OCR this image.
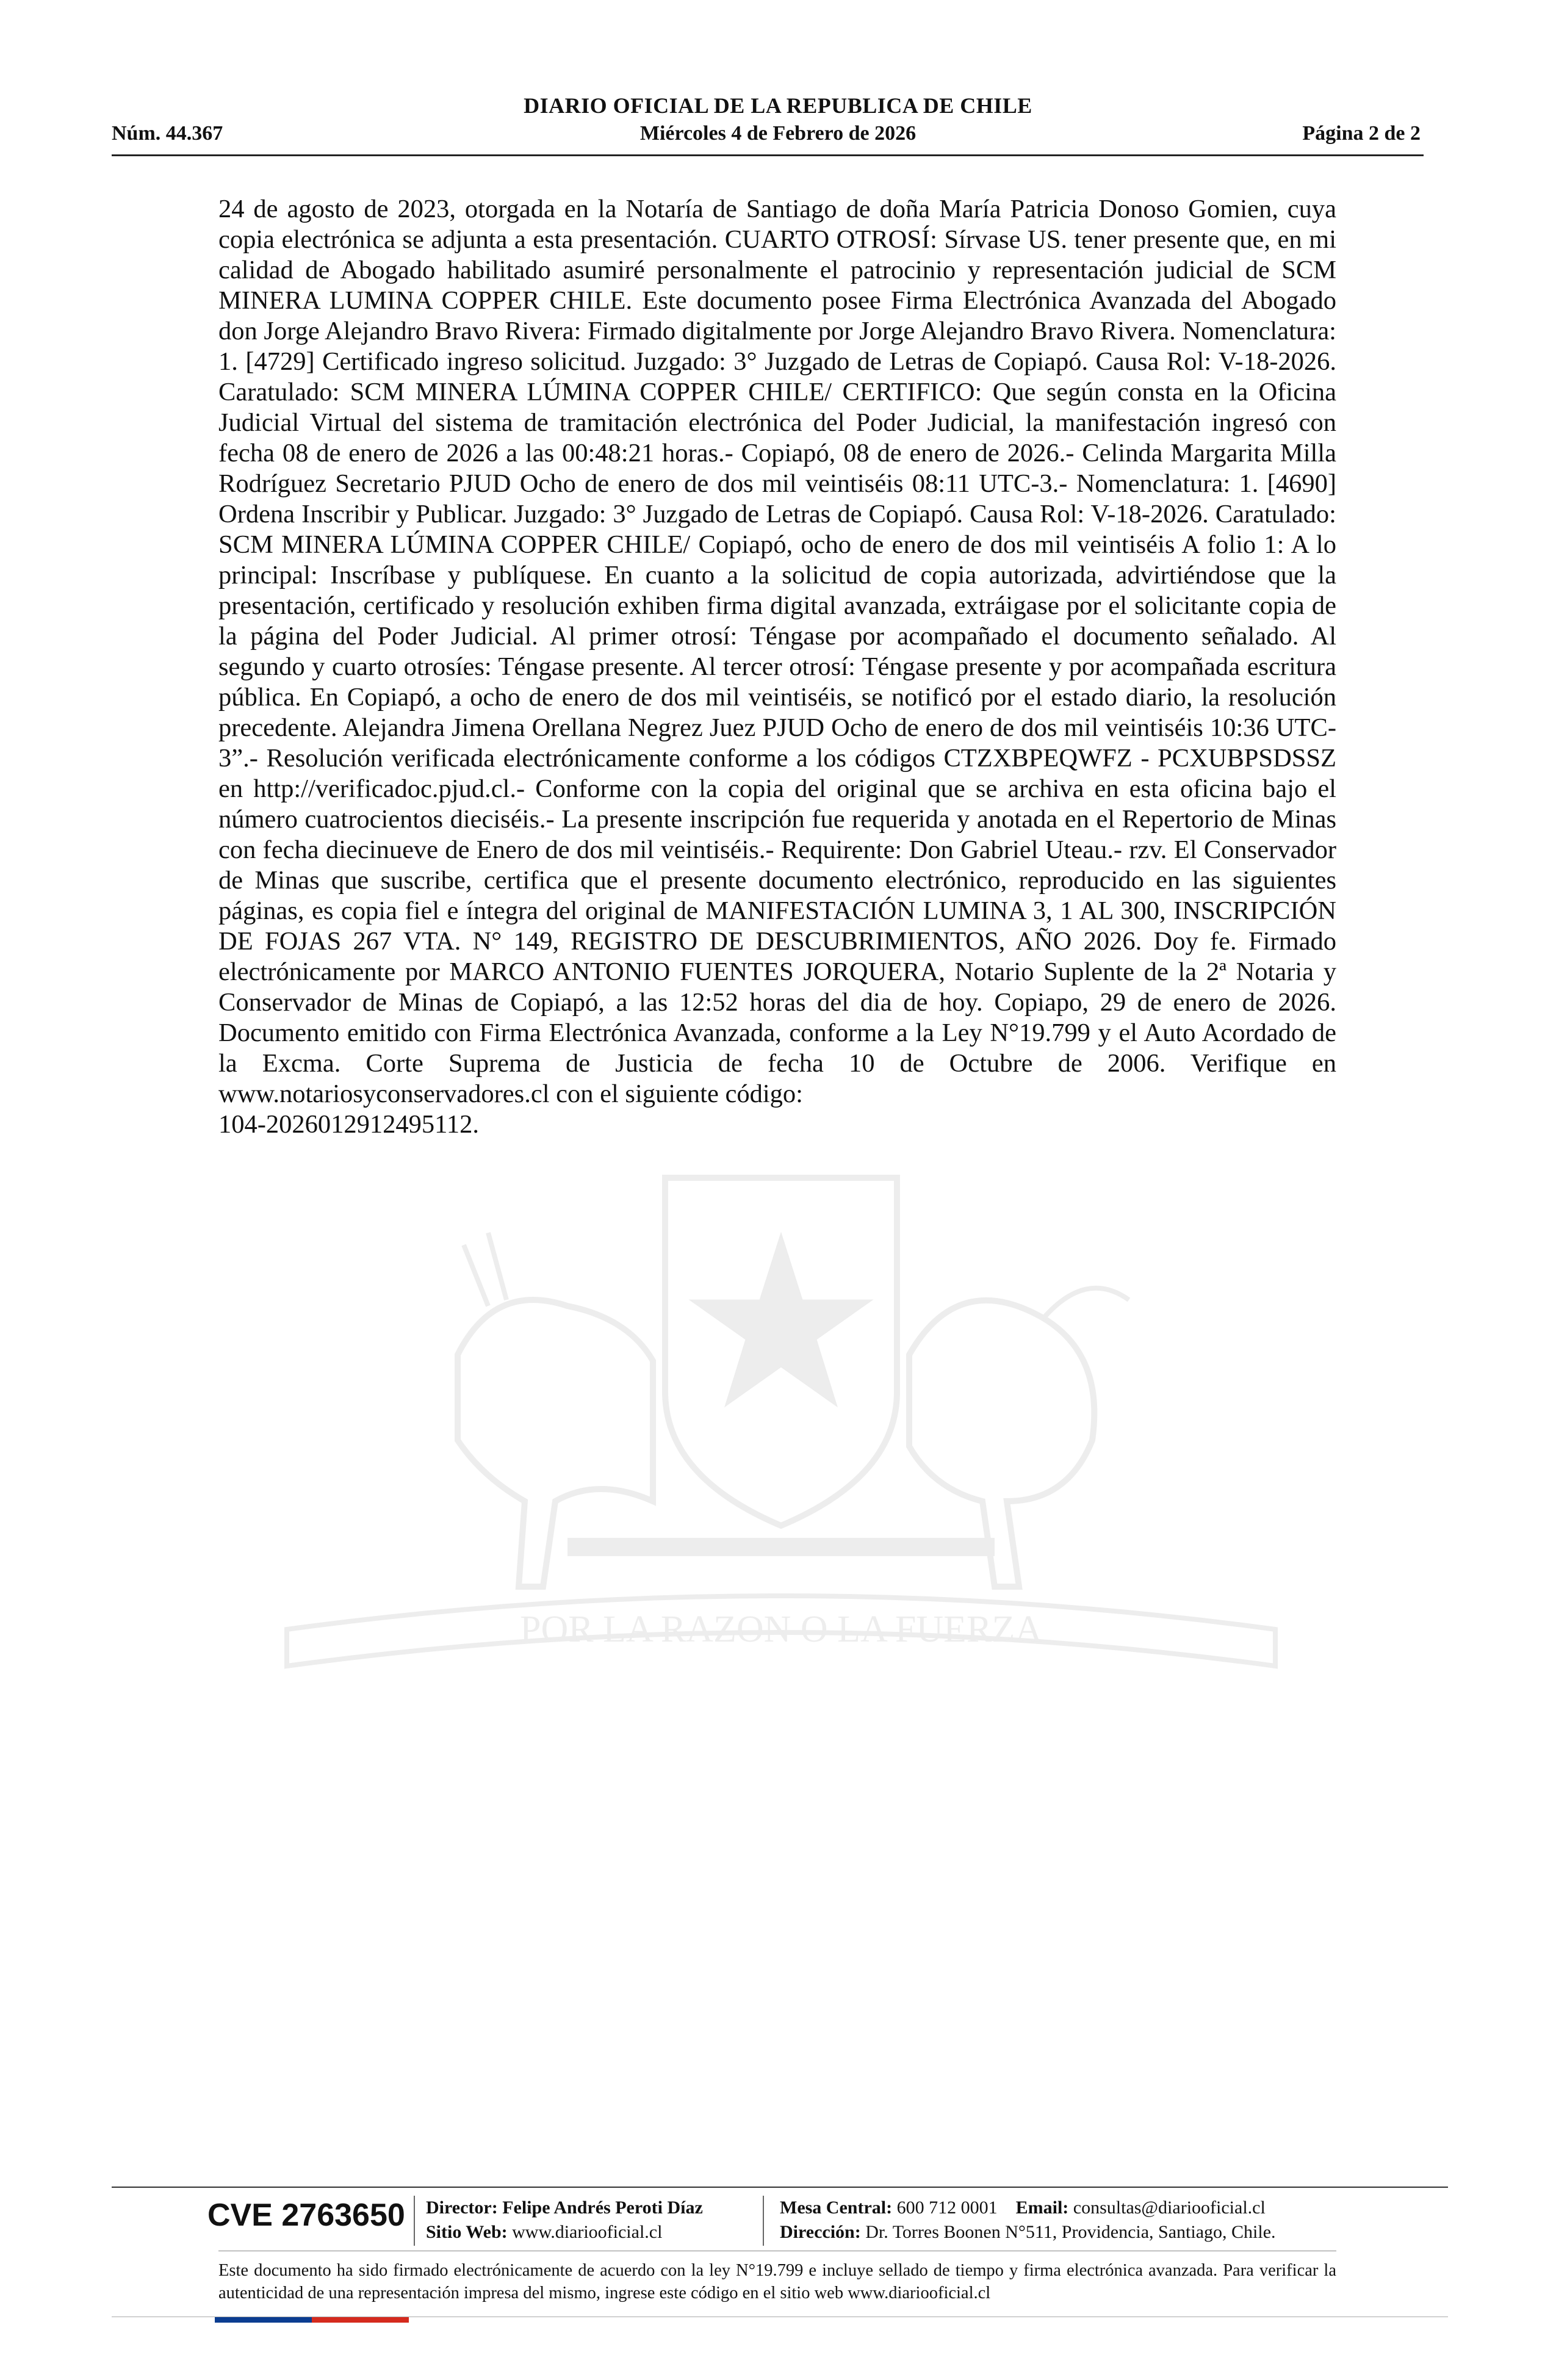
DIARIO OFICIAL DE LA REPUBLICA DE CHILE
Núm. 44.367	Miércoles 4 de Febrero de 2026	Página 2 de 2
POR LA RAZON O LA FUERZA
24 de agosto de 2023, otorgada en la Notaría de Santiago de doña María Patricia Donoso Gomien, cuya copia electrónica se adjunta a esta presentación. CUARTO OTROSÍ: Sírvase US. tener presente que, en mi calidad de Abogado habilitado asumiré personalmente el patrocinio y representación judicial de SCM MINERA LUMINA COPPER CHILE. Este documento posee Firma Electrónica Avanzada del Abogado don Jorge Alejandro Bravo Rivera: Firmado digitalmente por Jorge Alejandro Bravo Rivera. Nomenclatura: 1. [4729] Certificado ingreso solicitud. Juzgado: 3° Juzgado de Letras de Copiapó. Causa Rol: V-18-2026. Caratulado: SCM MINERA LÚMINA COPPER CHILE/ CERTIFICO: Que según consta en la Oficina Judicial Virtual del sistema de tramitación electrónica del Poder Judicial, la manifestación ingresó con fecha 08 de enero de 2026 a las 00:48:21 horas.- Copiapó, 08 de enero de 2026.- Celinda Margarita Milla Rodríguez Secretario PJUD Ocho de enero de dos mil veintiséis 08:11 UTC-3.- Nomenclatura: 1. [4690] Ordena Inscribir y Publicar. Juzgado: 3° Juzgado de Letras de Copiapó. Causa Rol: V-18-2026. Caratulado: SCM MINERA LÚMINA COPPER CHILE/ Copiapó, ocho de enero de dos mil veintiséis A folio 1: A lo principal: Inscríbase y publíquese. En cuanto a la solicitud de copia autorizada, advirtiéndose que la presentación, certificado y resolución exhiben firma digital avanzada, extráigase por el solicitante copia de la página del Poder Judicial. Al primer otrosí: Téngase por acompañado el documento señalado. Al segundo y cuarto otrosíes: Téngase presente. Al tercer otrosí: Téngase presente y por acompañada escritura pública. En Copiapó, a ocho de enero de dos mil veintiséis, se notificó por el estado diario, la resolución precedente. Alejandra Jimena Orellana Negrez Juez PJUD Ocho de enero de dos mil veintiséis 10:36 UTC-3”.- Resolución verificada electrónicamente conforme a los códigos CTZXBPEQWFZ - PCXUBPSDSSZ en http://verificadoc.pjud.cl.- Conforme con la copia del original que se archiva en esta oficina bajo el número cuatrocientos dieciséis.- La presente inscripción fue requerida y anotada en el Repertorio de Minas con fecha diecinueve de Enero de dos mil veintiséis.- Requirente: Don Gabriel Uteau.- rzv. El Conservador de Minas que suscribe, certifica que el presente documento electrónico, reproducido en las siguientes páginas, es copia fiel e íntegra del original de MANIFESTACIÓN LUMINA 3, 1 AL 300, INSCRIPCIÓN DE FOJAS 267 VTA. N° 149, REGISTRO DE DESCUBRIMIENTOS, AÑO 2026. Doy fe. Firmado electrónicamente por MARCO ANTONIO FUENTES JORQUERA, Notario Suplente de la 2ª Notaria y Conservador de Minas de Copiapó, a las 12:52 horas del dia de hoy. Copiapo, 29 de enero de 2026. Documento emitido con Firma Electrónica Avanzada, conforme a la Ley N°19.799 y el Auto Acordado de la Excma. Corte Suprema de Justicia de fecha 10 de Octubre de 2006. Verifique en www.notariosyconservadores.cl con el siguiente código:
104-2026012912495112.
CVE 2763650 Director: Felipe Andrés Peroti Díaz
Sitio Web: www.diariooficial.cl
Mesa Central: 600 712 0001 Email: consultas@diariooficial.cl
Dirección: Dr. Torres Boonen N°511, Providencia, Santiago, Chile.
Este documento ha sido firmado electrónicamente de acuerdo con la ley N°19.799 e incluye sellado de tiempo y firma electrónica avanzada. Para verificar la autenticidad de una representación impresa del mismo, ingrese este código en el sitio web www.diariooficial.cl
